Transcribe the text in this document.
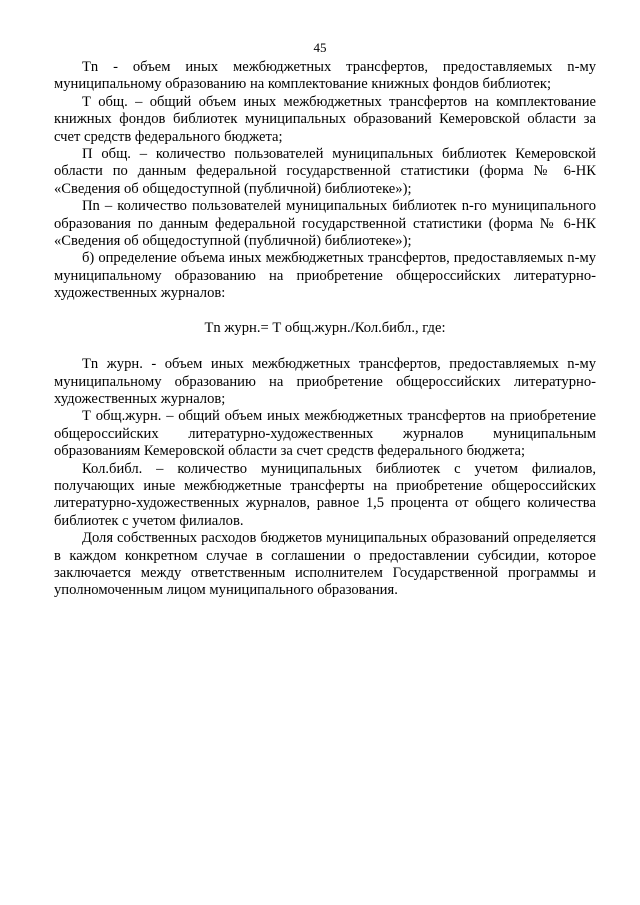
45

Tn - объем иных межбюджетных трансфертов, предоставляемых n-му муниципальному образованию на комплектование книжных фондов библиотек;

Т общ. – общий объем иных межбюджетных трансфертов на комплектование книжных фондов библиотек муниципальных образований Кемеровской области за счет средств федерального бюджета;

П общ. – количество пользователей муниципальных библиотек Кемеровской области по данным федеральной государственной статистики (форма № 6-НК «Сведения об общедоступной (публичной) библиотеке»);

Пn – количество пользователей муниципальных библиотек n-го муниципального образования по данным федеральной государственной статистики (форма № 6-НК «Сведения об общедоступной (публичной) библиотеке»);

б) определение объема иных межбюджетных трансфертов, предоставляемых n-му муниципальному образованию на приобретение общероссийских литературно-художественных журналов:

Tn журн.= Т общ.журн./Кол.библ., где:

Tn журн. - объем иных межбюджетных трансфертов, предоставляемых n-му муниципальному образованию на приобретение общероссийских литературно-художественных журналов;

Т общ.журн. – общий объем иных межбюджетных трансфертов на приобретение общероссийских литературно-художественных журналов муниципальным образованиям Кемеровской области за счет средств федерального бюджета;

Кол.библ. – количество муниципальных библиотек с учетом филиалов, получающих иные межбюджетные трансферты на приобретение общероссийских литературно-художественных журналов, равное 1,5 процента от общего количества библиотек с учетом филиалов.

Доля собственных расходов бюджетов муниципальных образований определяется в каждом конкретном случае в соглашении о предоставлении субсидии, которое заключается между ответственным исполнителем Государственной программы и уполномоченным лицом муниципального образования.
